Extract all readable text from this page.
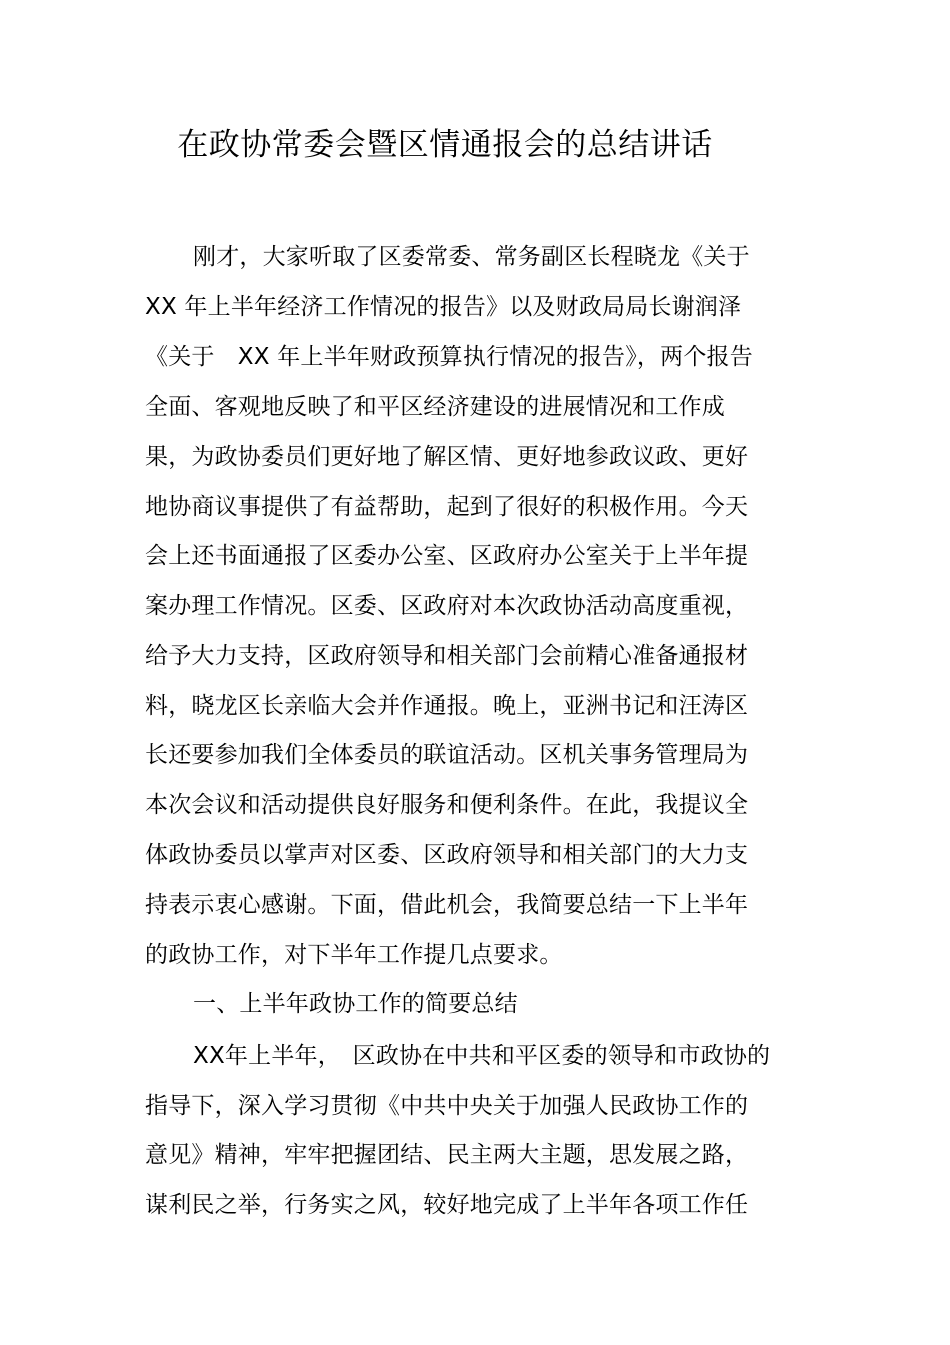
在政协常委会暨区情通报会的总结讲话
刚才，大家听取了区委常委、常务副区长程晓龙《关于
XX 年上半年经济工作情况的报告》以及财政局局长谢润泽
《关于　XX 年上半年财政预算执行情况的报告》，两个报告
全面、客观地反映了和平区经济建设的进展情况和工作成
果，为政协委员们更好地了解区情、更好地参政议政、更好
地协商议事提供了有益帮助，起到了很好的积极作用。今天
会上还书面通报了区委办公室、区政府办公室关于上半年提
案办理工作情况。区委、区政府对本次政协活动高度重视，
给予大力支持，区政府领导和相关部门会前精心准备通报材
料，晓龙区长亲临大会并作通报。晚上，亚洲书记和汪涛区
长还要参加我们全体委员的联谊活动。区机关事务管理局为
本次会议和活动提供良好服务和便利条件。在此，我提议全
体政协委员以掌声对区委、区政府领导和相关部门的大力支
持表示衷心感谢。下面，借此机会，我简要总结一下上半年
的政协工作，对下半年工作提几点要求。
一、上半年政协工作的简要总结
XX年上半年，　区政协在中共和平区委的领导和市政协的
指导下，深入学习贯彻《中共中央关于加强人民政协工作的
意见》精神，牢牢把握团结、民主两大主题，思发展之路，
谋利民之举，行务实之风，较好地完成了上半年各项工作任
